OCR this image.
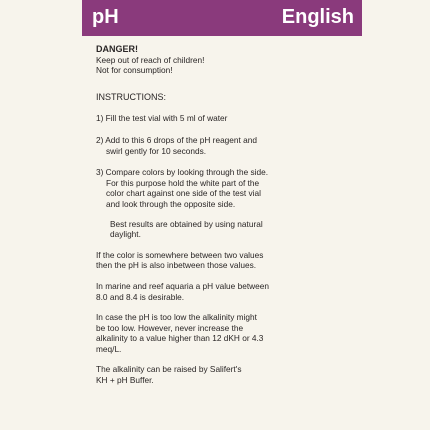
pH	English
DANGER!
Keep out of reach of children!
Not for consumption!
INSTRUCTIONS:
1) Fill the test vial with 5 ml of water
2) Add to this 6 drops of the pH reagent and
swirl gently for 10 seconds.
3) Compare colors by looking through the side.
For this purpose hold the white part of the
color chart against one side of the test vial
and look through the opposite side.
Best results are obtained by using natural
daylight.
If the color is somewhere between two values
then the pH is also inbetween those values.
In marine and reef aquaria a pH value between
8.0 and 8.4 is desirable.
In case the pH is too low the alkalinity might
be too low. However, never increase the
alkalinity to a value higher than 12 dKH or 4.3
meq/L.
The alkalinity can be raised by Salifert's
KH + pH Buffer.
